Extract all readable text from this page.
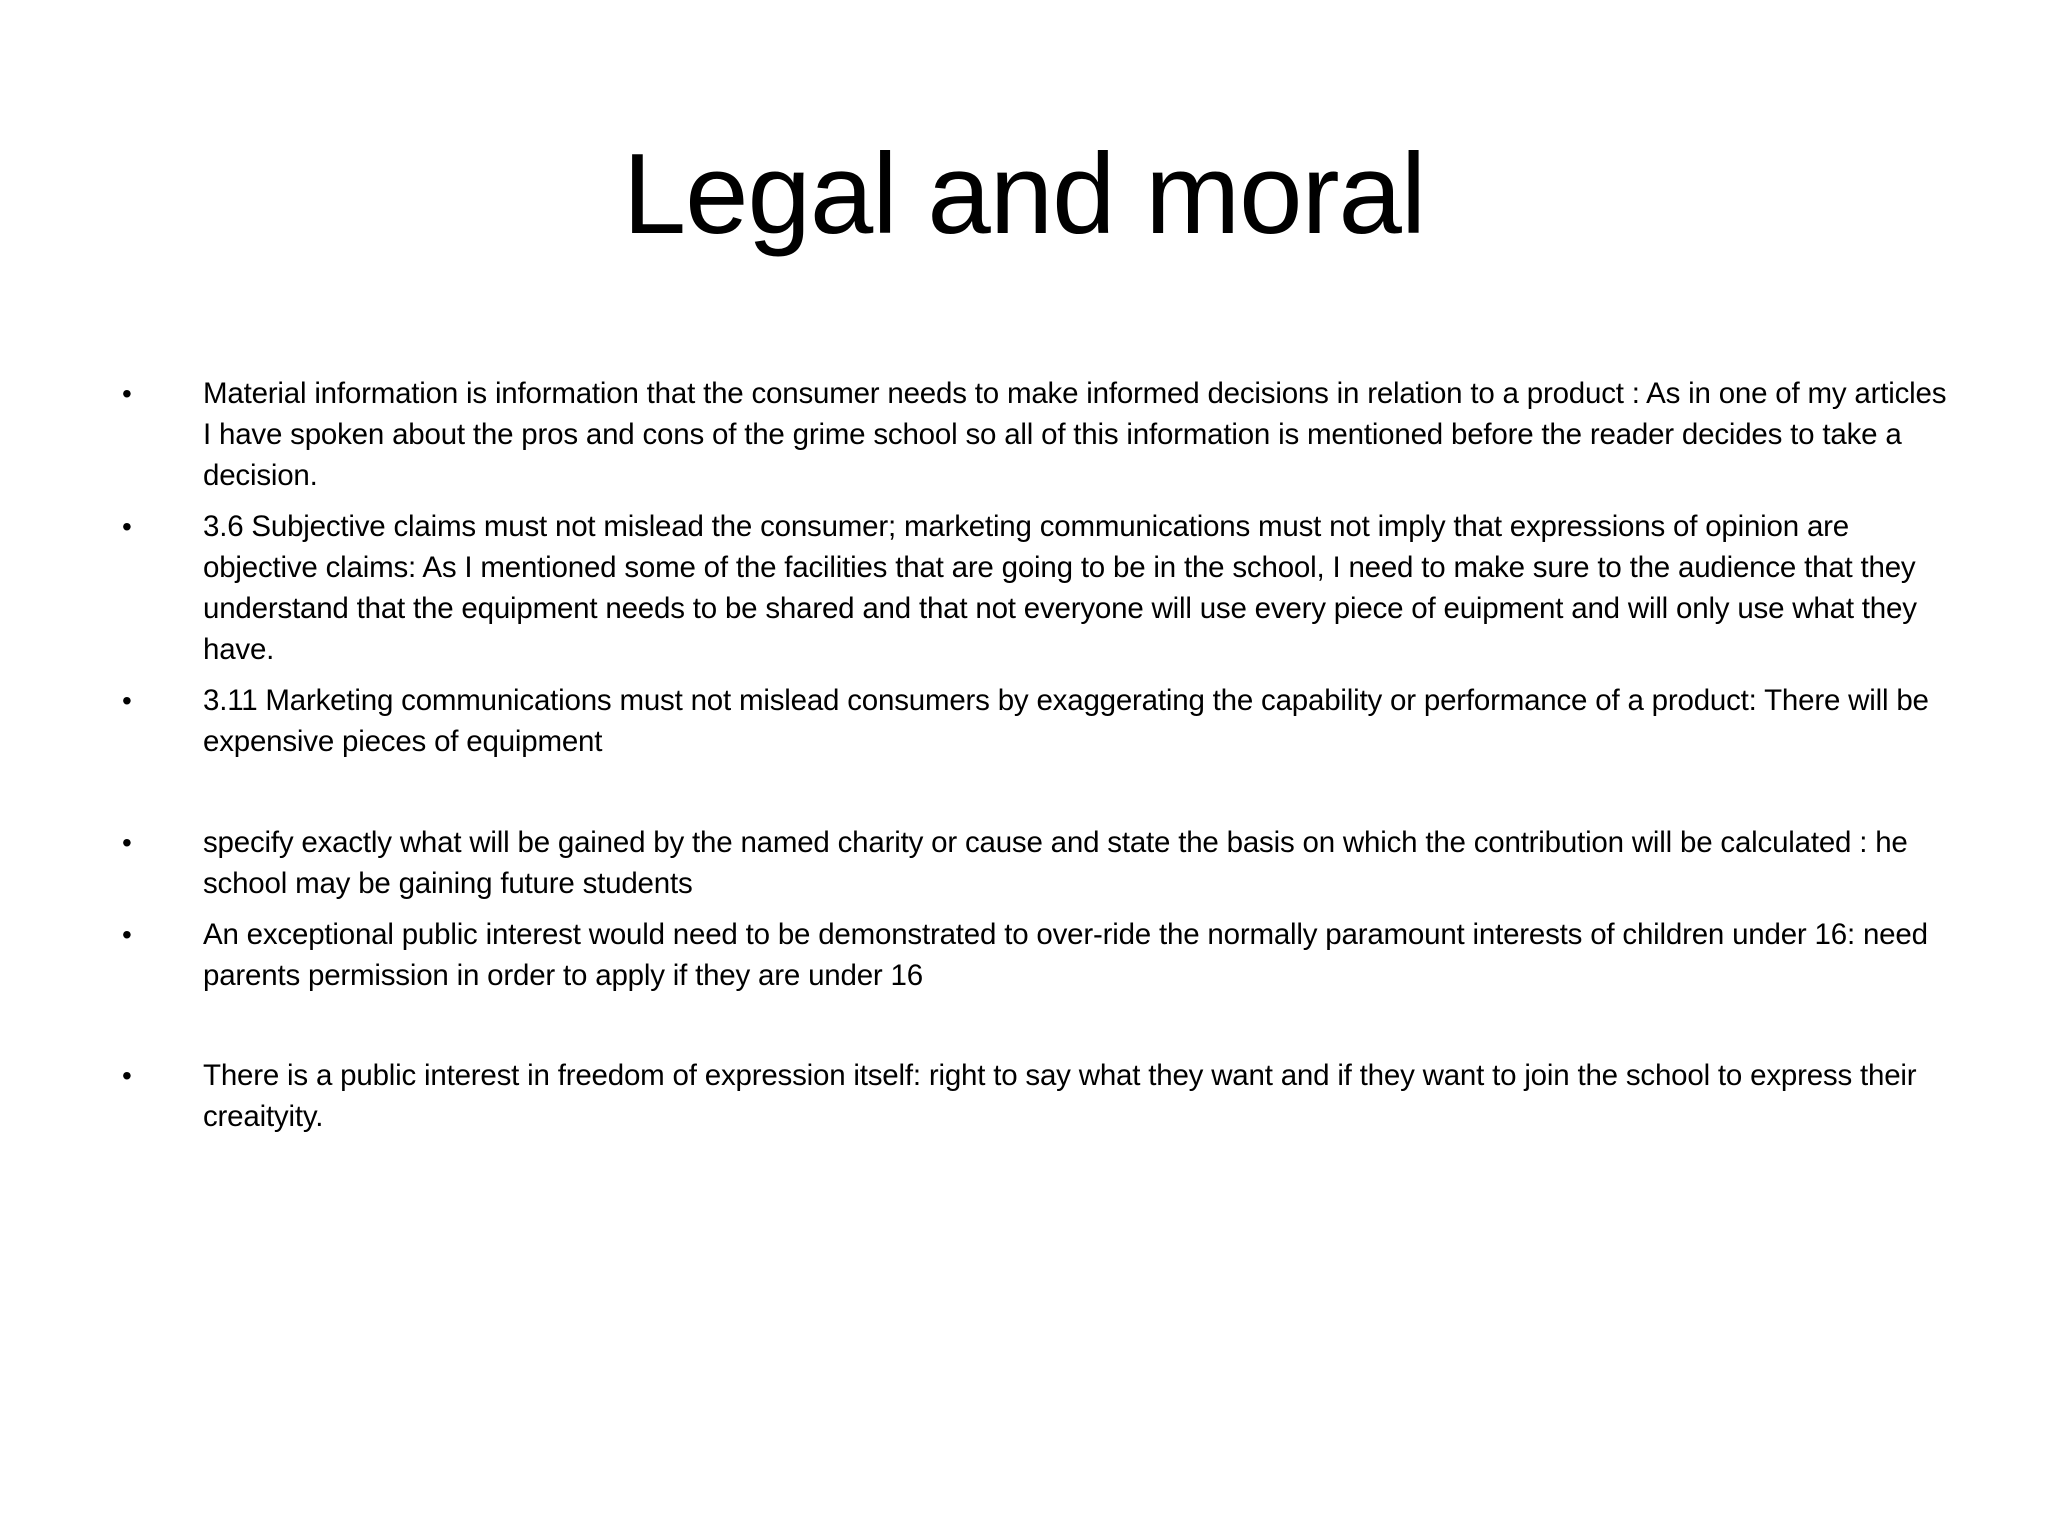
Legal and moral
• Material information is information that the consumer needs to make informed decisions in relation to a product : As in one of my articles I have spoken about the pros and cons of the grime school so all of this information is mentioned before the reader decides to take a decision.
• 3.6 Subjective claims must not mislead the consumer; marketing communications must not imply that expressions of opinion are objective claims: As I mentioned some of the facilities that are going to be in the school, I need to make sure to the audience that they understand that the equipment needs to be shared and that not everyone will use every piece of euipment and will only use what they have.
• 3.11 Marketing communications must not mislead consumers by exaggerating the capability or performance of a product: There will be expensive pieces of equipment
• specify exactly what will be gained by the named charity or cause and state the basis on which the contribution will be calculated : he school may be gaining future students
• An exceptional public interest would need to be demonstrated to over-ride the normally paramount interests of children under 16: need parents permission in order to apply if they are under 16
• There is a public interest in freedom of expression itself: right to say what they want and if they want to join the school to express their creaityity.
